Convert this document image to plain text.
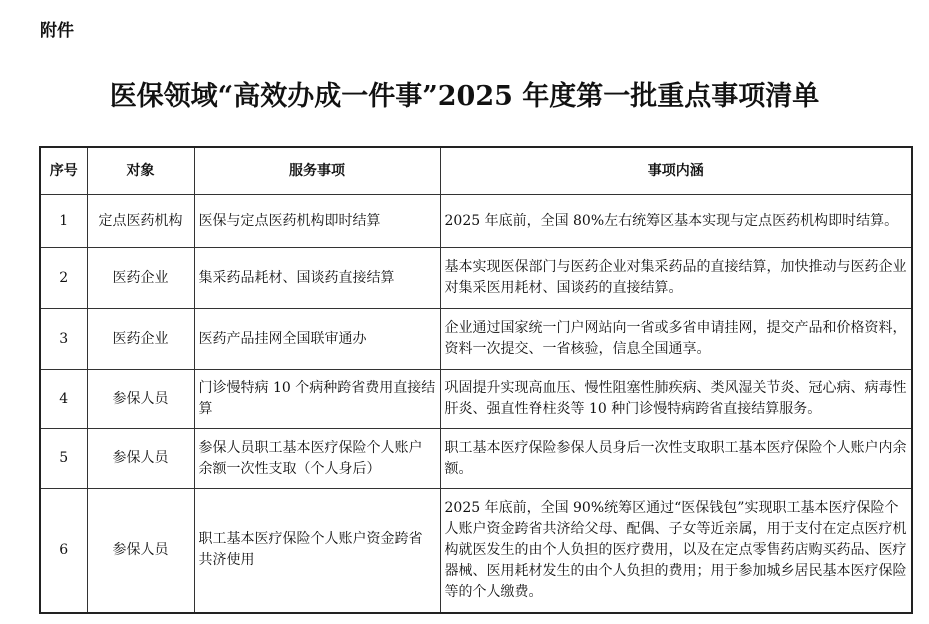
附件
医保领域“高效办成一件事”2025 年度第一批重点事项清单
序号	对象	服务事项	事项内涵
1	定点医药机构	医保与定点医药机构即时结算	2025 年底前，全国 80%左右统筹区基本实现与定点医药机构即时结算。
2	医药企业	集采药品耗材、国谈药直接结算	基本实现医保部门与医药企业对集采药品的直接结算，加快推动与医药企业对集采医用耗材、国谈药的直接结算。
3	医药企业	医药产品挂网全国联审通办	企业通过国家统一门户网站向一省或多省申请挂网，提交产品和价格资料，资料一次提交、一省核验，信息全国通享。
4	参保人员	门诊慢特病 10 个病种跨省费用直接结算	巩固提升实现高血压、慢性阻塞性肺疾病、类风湿关节炎、冠心病、病毒性肝炎、强直性脊柱炎等 10 种门诊慢特病跨省直接结算服务。
5	参保人员	参保人员职工基本医疗保险个人账户余额一次性支取（个人身后）	职工基本医疗保险参保人员身后一次性支取职工基本医疗保险个人账户内余额。
6	参保人员	职工基本医疗保险个人账户资金跨省共济使用	2025 年底前，全国 90%统筹区通过“医保钱包”实现职工基本医疗保险个人账户资金跨省共济给父母、配偶、子女等近亲属，用于支付在定点医疗机构就医发生的由个人负担的医疗费用，以及在定点零售药店购买药品、医疗器械、医用耗材发生的由个人负担的费用；用于参加城乡居民基本医疗保险等的个人缴费。
